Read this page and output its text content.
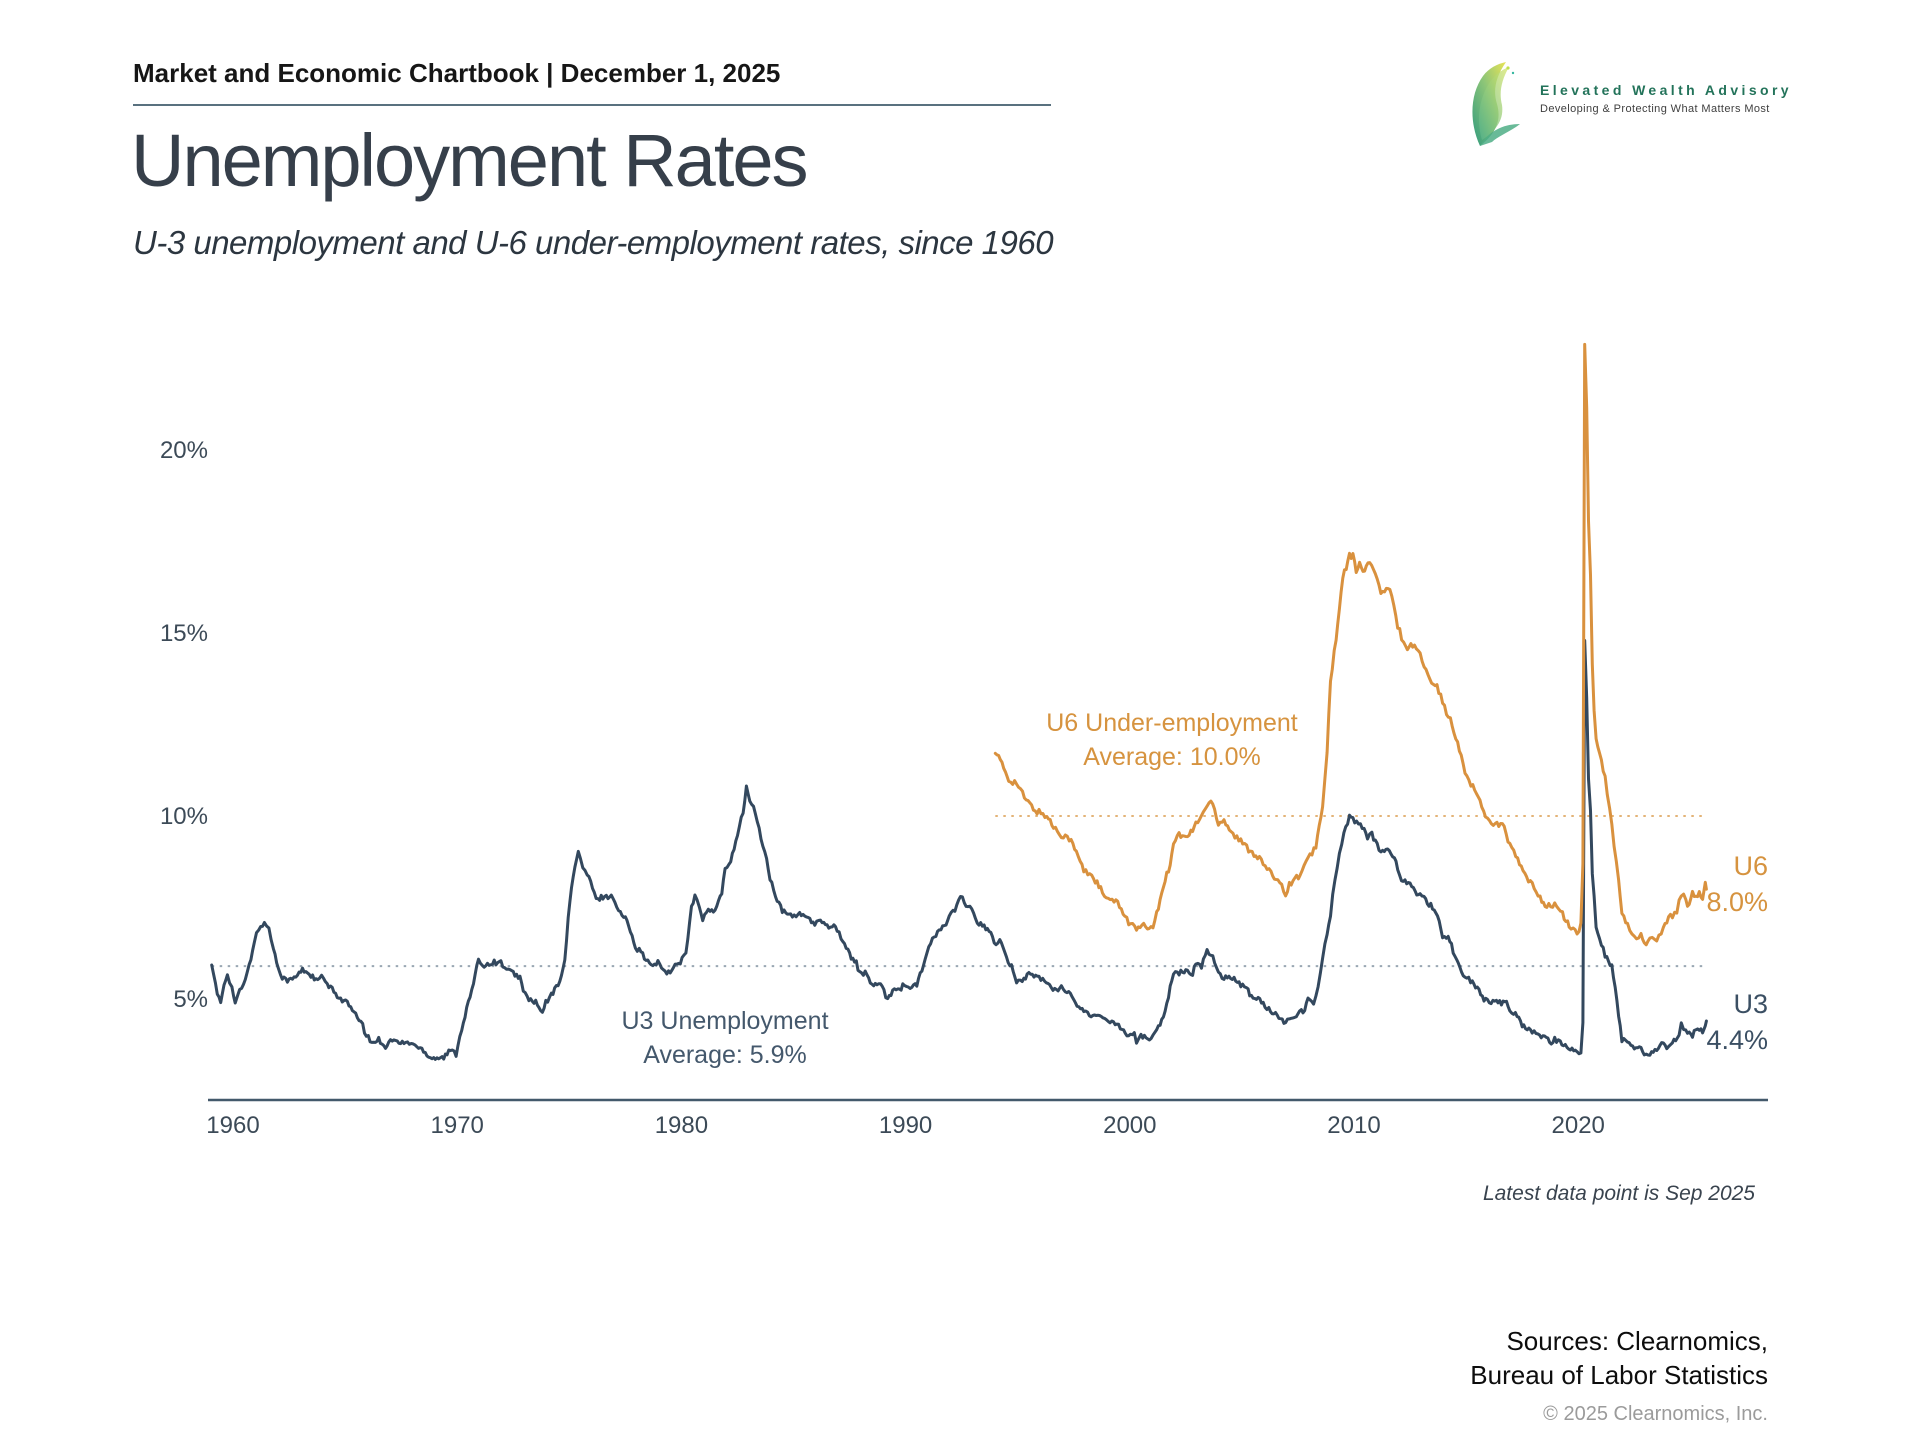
Market and Economic Chartbook | December 1, 2025
Elevated Wealth Advisory
Developing & Protecting What Matters Most
Unemployment Rates
U-3 unemployment and U-6 under-employment rates, since 1960
1960	1970	1980	1990	2000	2010	2020
5%
10%
15%
20%
U6 Under-employment
Average: 10.0%
U3 Unemployment
Average: 5.9%
U6
8.0%
U3
4.4%
Latest data point is Sep 2025
Sources: Clearnomics,
Bureau of Labor Statistics
© 2025 Clearnomics, Inc.
